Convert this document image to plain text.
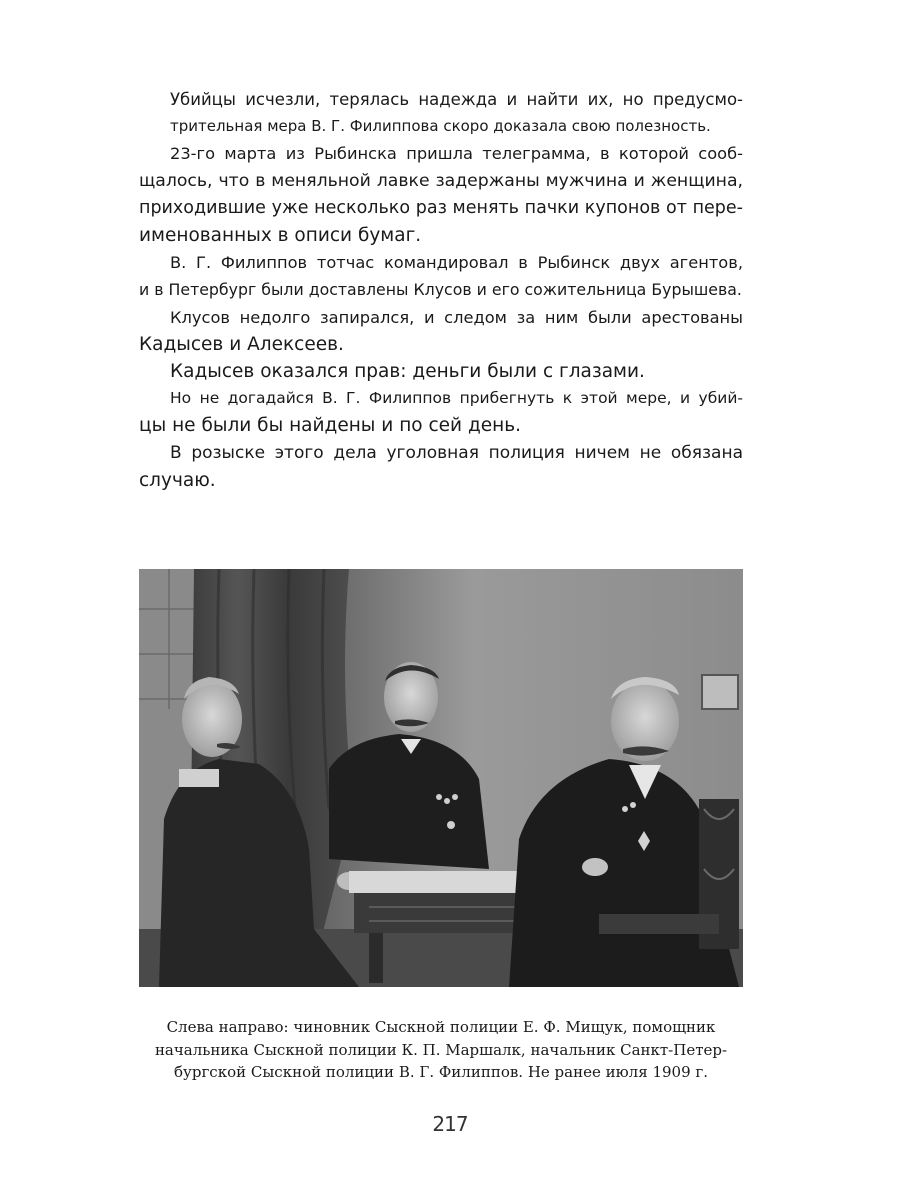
Убийцы исчезли, терялась надежда и найти их, но предусмо-
трительная мера В. Г. Филиппова скоро доказала свою полезность.

23-го марта из Рыбинска пришла телеграмма, в которой сооб-
щалось, что в меняльной лавке задержаны мужчина и женщина,
приходившие уже несколько раз менять пачки купонов от пере-
именованных в описи бумаг.

В. Г. Филиппов тотчас командировал в Рыбинск двух агентов,
и в Петербург были доставлены Клусов и его сожительница Бурышева.

Клусов недолго запирался, и следом за ним были арестованы
Кадысев и Алексеев.

Кадысев оказался прав: деньги были с глазами.

Но не догадайся В. Г. Филиппов прибегнуть к этой мере, и убий-
цы не были бы найдены и по сей день.

В розыске этого дела уголовная полиция ничем не обязана
случаю.

Слева направо: чиновник Сыскной полиции Е. Ф. Мищук, помощник
начальника Сыскной полиции К. П. Маршалк, начальник Санкт-Петер-
бургской Сыскной полиции В. Г. Филиппов. Не ранее июля 1909 г.
217
